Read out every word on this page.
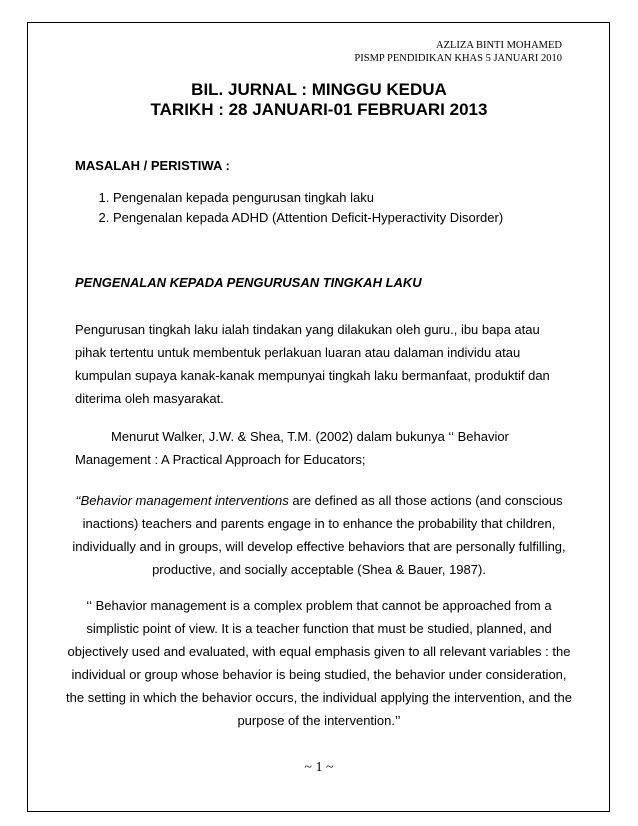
AZLIZA BINTI MOHAMED
PISMP PENDIDIKAN KHAS 5 JANUARI 2010
BIL. JURNAL : MINGGU KEDUA
TARIKH : 28 JANUARI-01 FEBRUARI 2013
MASALAH / PERISTIWA :
1. Pengenalan kepada pengurusan tingkah laku
2. Pengenalan kepada ADHD (Attention Deficit-Hyperactivity Disorder)
PENGENALAN KEPADA PENGURUSAN TINGKAH LAKU
Pengurusan tingkah laku ialah tindakan yang dilakukan oleh guru., ibu bapa atau pihak tertentu untuk membentuk perlakuan luaran atau dalaman individu atau kumpulan supaya kanak-kanak mempunyai tingkah laku bermanfaat, produktif dan diterima oleh masyarakat.
Menurut Walker, J.W. & Shea, T.M. (2002) dalam bukunya ‘‘ Behavior Management : A Practical Approach for Educators;
‘‘Behavior management interventions are defined as all those actions (and conscious inactions) teachers and parents engage in to enhance the probability that children, individually and in groups, will develop effective behaviors that are personally fulfilling, productive, and socially acceptable (Shea & Bauer, 1987).
‘‘ Behavior management is a complex problem that cannot be approached from a simplistic point of view. It is a teacher function that must be studied, planned, and objectively used and evaluated, with equal emphasis given to all relevant variables : the individual or group whose behavior is being studied, the behavior under consideration, the setting in which the behavior occurs, the individual applying the intervention, and the purpose of the intervention.’’
~ 1 ~
